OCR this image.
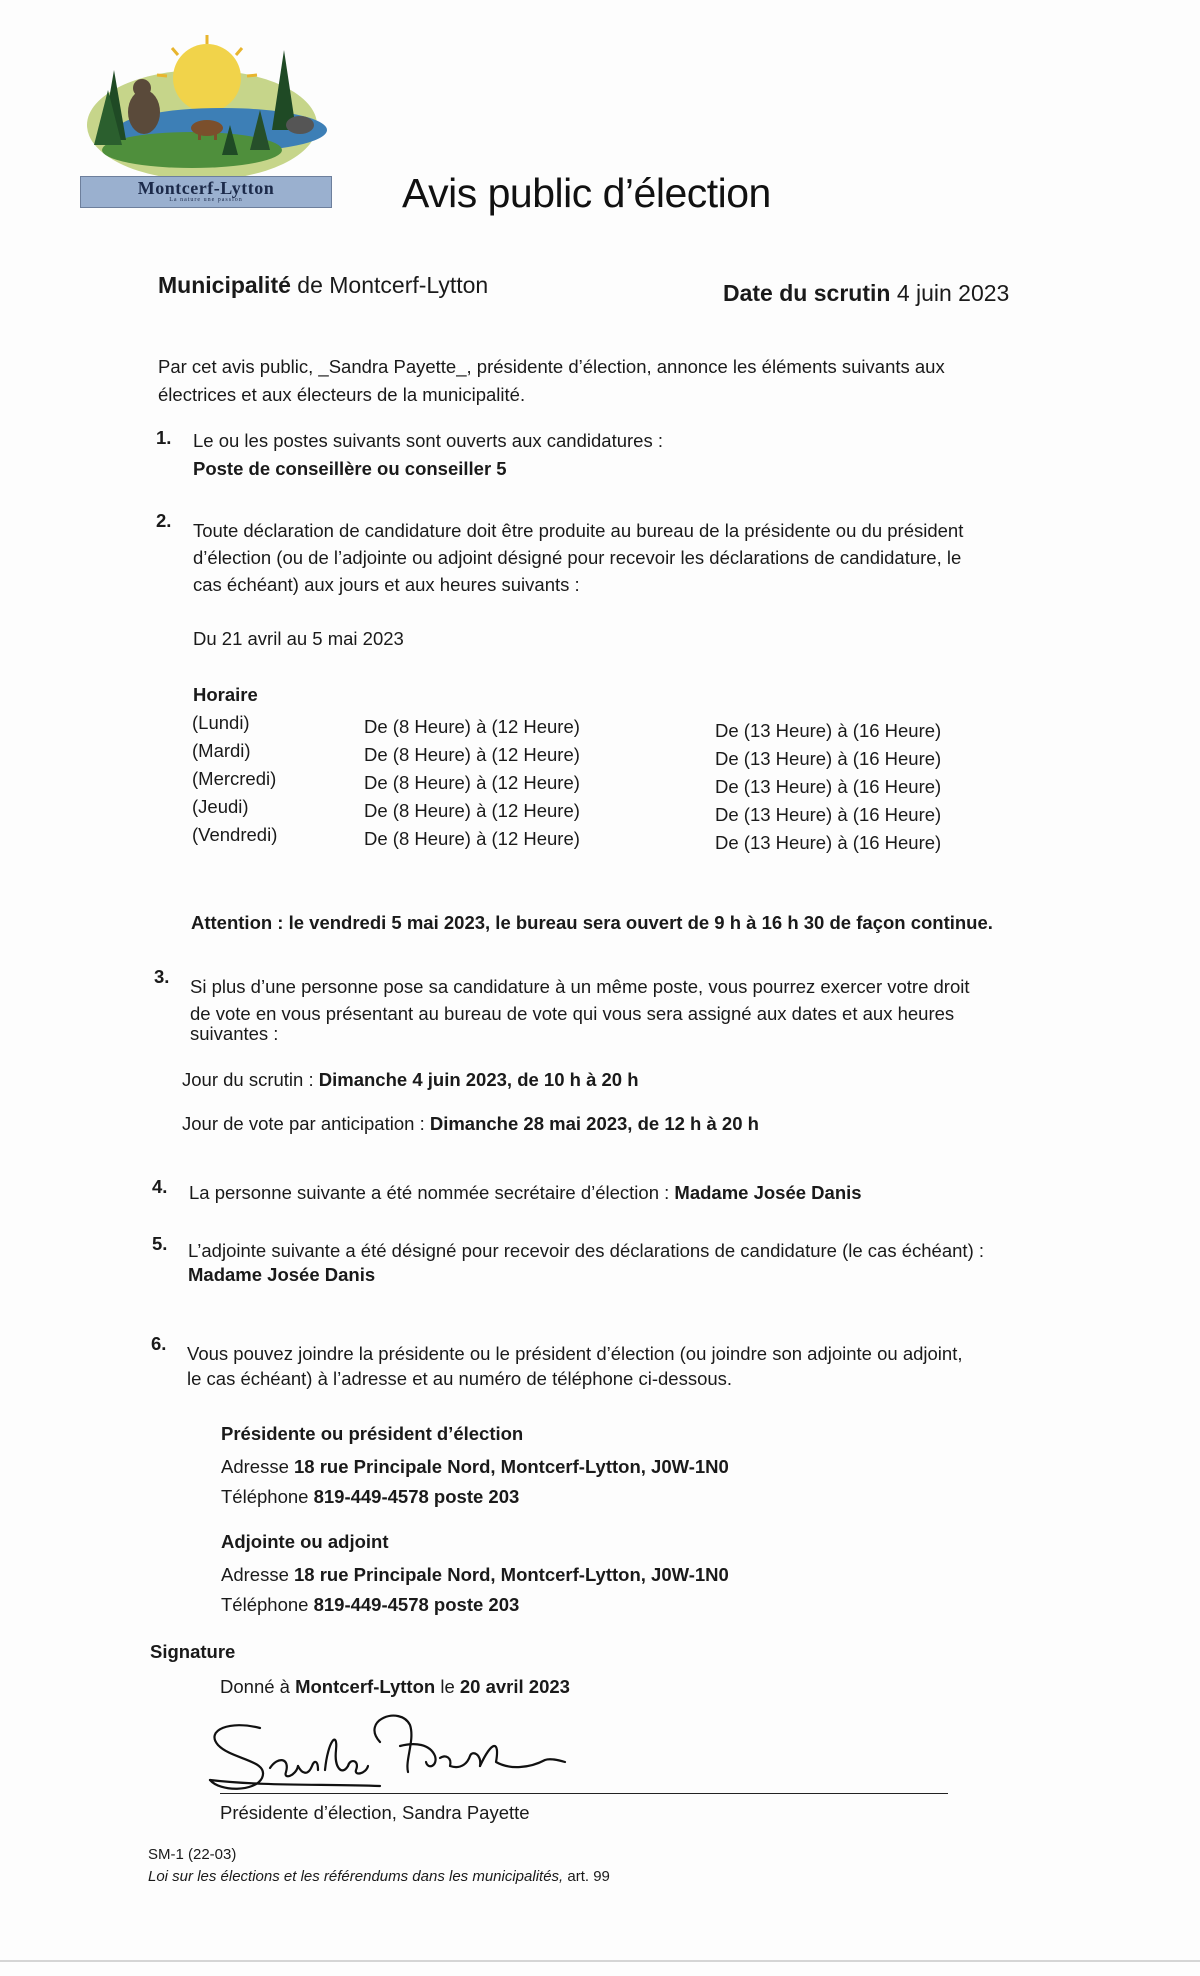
Montcerf-Lytton
La nature une passion	Avis public d’élection
Municipalité de Montcerf-Lytton	Date du scrutin 4 juin 2023
Par cet avis public, _Sandra Payette_, présidente d’élection, annonce les éléments suivants aux
électrices et aux électeurs de la municipalité.
1. Le ou les postes suivants sont ouverts aux candidatures :
Poste de conseillère ou conseiller 5
2. Toute déclaration de candidature doit être produite au bureau de la présidente ou du président
d’élection (ou de l’adjointe ou adjoint désigné pour recevoir les déclarations de candidature, le
cas échéant) aux jours et aux heures suivants :
Du 21 avril au 5 mai 2023
Horaire
(Lundi)	De (8 Heure) à (12 Heure)	De (13 Heure) à (16 Heure)
(Mardi)	De (8 Heure) à (12 Heure)	De (13 Heure) à (16 Heure)
(Mercredi)	De (8 Heure) à (12 Heure)	De (13 Heure) à (16 Heure)
(Jeudi)	De (8 Heure) à (12 Heure)	De (13 Heure) à (16 Heure)
(Vendredi)	De (8 Heure) à (12 Heure)	De (13 Heure) à (16 Heure)
Attention : le vendredi 5 mai 2023, le bureau sera ouvert de 9 h à 16 h 30 de façon continue.
3. Si plus d’une personne pose sa candidature à un même poste, vous pourrez exercer votre droit
de vote en vous présentant au bureau de vote qui vous sera assigné aux dates et aux heures
suivantes :
Jour du scrutin : Dimanche 4 juin 2023, de 10 h à 20 h
Jour de vote par anticipation : Dimanche 28 mai 2023, de 12 h à 20 h
4. La personne suivante a été nommée secrétaire d’élection : Madame Josée Danis
5. L’adjointe suivante a été désigné pour recevoir des déclarations de candidature (le cas échéant) :
Madame Josée Danis
6. Vous pouvez joindre la présidente ou le président d’élection (ou joindre son adjointe ou adjoint,
le cas échéant) à l’adresse et au numéro de téléphone ci-dessous.
Présidente ou président d’élection
Adresse 18 rue Principale Nord, Montcerf-Lytton, J0W-1N0
Téléphone 819-449-4578 poste 203
Adjointe ou adjoint
Adresse 18 rue Principale Nord, Montcerf-Lytton, J0W-1N0
Téléphone 819-449-4578 poste 203
Signature
Donné à Montcerf-Lytton le 20 avril 2023
Présidente d’élection, Sandra Payette
SM-1 (22-03)
Loi sur les élections et les référendums dans les municipalités, art. 99
